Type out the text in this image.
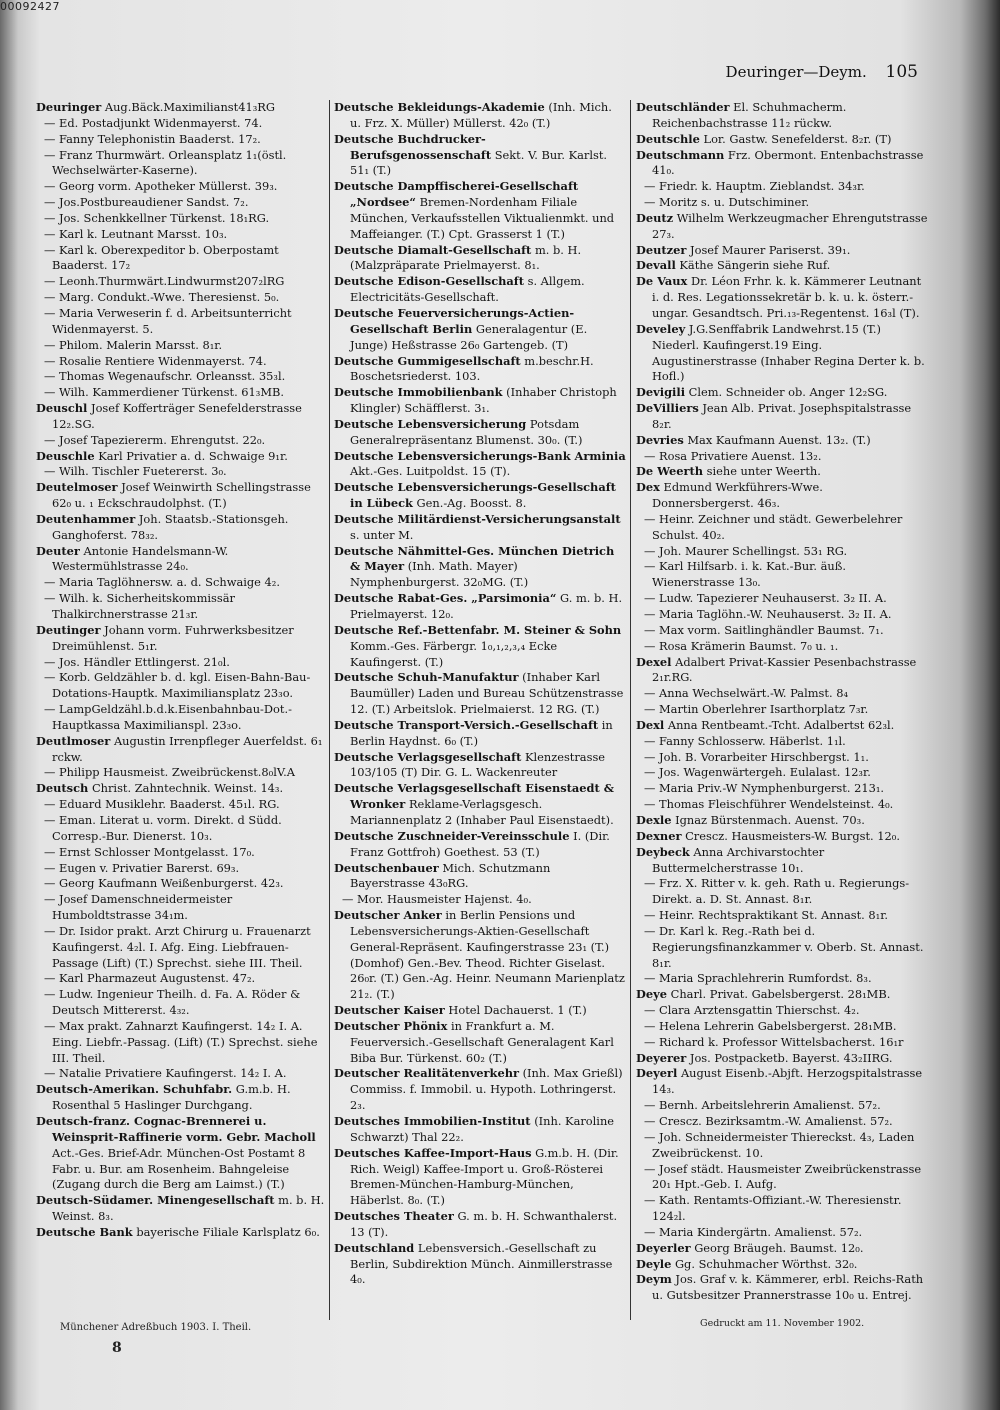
00092427
Deuringer—Deym. 105

Deuringer Aug.Bäck.Maximilianst41₃RG

— Ed. Postadjunkt Widenmayerst. 74.

— Fanny Telephonistin Baaderst. 17₂.

— Franz Thurmwärt. Orleansplatz 1₁(östl. Wechselwärter-Kaserne).

— Georg vorm. Apotheker Müllerst. 39₃.

— Jos.Postbureaudiener Sandst. 7₂.

— Jos. Schenkkellner Türkenst. 18₁RG.

— Karl k. Leutnant Marsst. 10₃.

— Karl k. Oberexpeditor b. Oberpostamt Baaderst. 17₂

— Leonh.Thurmwärt.Lindwurmst207₂lRG

— Marg. Condukt.-Wwe. Theresienst. 5₀.

— Maria Verweserin f. d. Arbeitsunterricht Widenmayerst. 5.

— Philom. Malerin Marsst. 8₁r.

— Rosalie Rentiere Widenmayerst. 74.

— Thomas Wegenaufschr. Orleansst. 35₃l.

— Wilh. Kammerdiener Türkenst. 61₃MB.

Deuschl Josef Kofferträger Senefelderstrasse 12₂.SG.

— Josef Tapeziererm. Ehrengutst. 22₀.

Deuschle Karl Privatier a. d. Schwaige 9₁r.

— Wilh. Tischler Fuetererst. 3₀.

Deutelmoser Josef Weinwirth Schellingstrasse 62₀ u. ₁ Eckschraudolphst. (T.)

Deutenhammer Joh. Staatsb.-Stationsgeh. Ganghoferst. 78₃₂.

Deuter Antonie Handelsmann-W. Westermühlstrasse 24₀.

— Maria Taglöhnersw. a. d. Schwaige 4₂.

— Wilh. k. Sicherheitskommissär Thalkirchnerstrasse 21₃r.

Deutinger Johann vorm. Fuhrwerksbesitzer Dreimühlenst. 5₁r.

— Jos. Händler Ettlingerst. 21₀l.

— Korb. Geldzähler b. d. kgl. Eisen-Bahn-Bau-Dotations-Hauptk. Maximiliansplatz 23₃o.

— LampGeldzähl.b.d.k.Eisenbahnbau-Dot.-Hauptkassa Maximilianspl. 23₃o.

Deutlmoser Augustin Irrenpfleger Auerfeldst. 6₁ rckw.

— Philipp Hausmeist. Zweibrückenst.8₀lV.A

Deutsch Christ. Zahntechnik. Weinst. 14₃.

— Eduard Musiklehr. Baaderst. 45₁l. RG.

— Eman. Literat u. vorm. Direkt. d Südd. Corresp.-Bur. Dienerst. 10₃.

— Ernst Schlosser Montgelasst. 17₀.

— Eugen v. Privatier Barerst. 69₃.

— Georg Kaufmann Weißenburgerst. 42₃.

— Josef Damenschneidermeister Humboldtstrasse 34₁m.

— Dr. Isidor prakt. Arzt Chirurg u. Frauenarzt Kaufingerst. 4₂l. I. Afg. Eing. Liebfrauen-Passage (Lift) (T.) Sprechst. siehe III. Theil.

— Karl Pharmazeut Augustenst. 47₂.

— Ludw. Ingenieur Theilh. d. Fa. A. Röder & Deutsch Mittererst. 4₃₂.

— Max prakt. Zahnarzt Kaufingerst. 14₂ I. A. Eing. Liebfr.-Passag. (Lift) (T.) Sprechst. siehe III. Theil.

— Natalie Privatiere Kaufingerst. 14₂ I. A.

Deutsch-Amerikan. Schuhfabr. G.m.b. H. Rosenthal 5 Haslinger Durchgang.

Deutsch-franz. Cognac-Brennerei u. Weinsprit-Raffinerie vorm. Gebr. Macholl Act.-Ges. Brief-Adr. München-Ost Postamt 8 Fabr. u. Bur. am Rosenheim. Bahngeleise (Zugang durch die Berg am Laimst.) (T.)

Deutsch-Südamer. Minengesellschaft m. b. H. Weinst. 8₃.

Deutsche Bank bayerische Filiale Karlsplatz 6₀.

Deutsche Bekleidungs-Akademie (Inh. Mich. u. Frz. X. Müller) Müllerst. 42₀ (T.)

Deutsche Buchdrucker-Berufsgenossenschaft Sekt. V. Bur. Karlst. 51₁ (T.)

Deutsche Dampffischerei-Gesellschaft „Nordsee“ Bremen-Nordenham Filiale München, Verkaufsstellen Viktualienmkt. und Maffeianger. (T.) Cpt. Grasserst 1 (T.)

Deutsche Diamalt-Gesellschaft m. b. H. (Malzpräparate Prielmayerst. 8₁.

Deutsche Edison-Gesellschaft s. Allgem. Electricitäts-Gesellschaft.

Deutsche Feuerversicherungs-Actien-Gesellschaft Berlin Generalagentur (E. Junge) Heßstrasse 26₀ Gartengeb. (T)

Deutsche Gummigesellschaft m.beschr.H. Boschetsriederst. 103.

Deutsche Immobilienbank (Inhaber Christoph Klingler) Schäfflerst. 3₁.

Deutsche Lebensversicherung Potsdam Generalrepräsentanz Blumenst. 30₀. (T.)

Deutsche Lebensversicherungs-Bank Arminia Akt.-Ges. Luitpoldst. 15 (T).

Deutsche Lebensversicherungs-Gesellschaft in Lübeck Gen.-Ag. Boosst. 8.

Deutsche Militärdienst-Versicherungsanstalt s. unter M.

Deutsche Nähmittel-Ges. München Dietrich & Mayer (Inh. Math. Mayer) Nymphenburgerst. 32₀MG. (T.)

Deutsche Rabat-Ges. „Parsimonia“ G. m. b. H. Prielmayerst. 12₀.

Deutsche Ref.-Bettenfabr. M. Steiner & Sohn Komm.-Ges. Färbergr. 1₀,₁,₂,₃,₄ Ecke Kaufingerst. (T.)

Deutsche Schuh-Manufaktur (Inhaber Karl Baumüller) Laden und Bureau Schützenstrasse 12. (T.) Arbeitslok. Prielmaierst. 12 RG. (T.)

Deutsche Transport-Versich.-Gesellschaft in Berlin Haydnst. 6₀ (T.)

Deutsche Verlagsgesellschaft Klenzestrasse 103/105 (T) Dir. G. L. Wackenreuter

Deutsche Verlagsgesellschaft Eisenstaedt & Wronker Reklame-Verlagsgesch. Mariannenplatz 2 (Inhaber Paul Eisenstaedt).

Deutsche Zuschneider-Vereinsschule I. (Dir. Franz Gottfroh) Goethest. 53 (T.)

Deutschenbauer Mich. Schutzmann Bayerstrasse 43₀RG.

— Mor. Hausmeister Hajenst. 4₀.

Deutscher Anker in Berlin Pensions und Lebensversicherungs-Aktien-Gesellschaft General-Repräsent. Kaufingerstrasse 23₁ (T.) (Domhof) Gen.-Bev. Theod. Richter Giselast. 26₀r. (T.) Gen.-Ag. Heinr. Neumann Marienplatz 21₂. (T.)

Deutscher Kaiser Hotel Dachauerst. 1 (T.)

Deutscher Phönix in Frankfurt a. M. Feuerversich.-Gesellschaft Generalagent Karl Biba Bur. Türkenst. 60₂ (T.)

Deutscher Realitätenverkehr (Inh. Max Grießl) Commiss. f. Immobil. u. Hypoth. Lothringerst. 2₃.

Deutsches Immobilien-Institut (Inh. Karoline Schwarzt) Thal 22₂.

Deutsches Kaffee-Import-Haus G.m.b. H. (Dir. Rich. Weigl) Kaffee-Import u. Groß-Rösterei Bremen-München-Hamburg-München, Häberlst. 8₀. (T.)

Deutsches Theater G. m. b. H. Schwanthalerst. 13 (T).

Deutschland Lebensversich.-Gesellschaft zu Berlin, Subdirektion Münch. Ainmillerstrasse 4₀.

Deutschländer El. Schuhmacherm. Reichenbachstrasse 11₂ rückw.

Deutschle Lor. Gastw. Senefelderst. 8₂r. (T)

Deutschmann Frz. Obermont. Entenbachstrasse 41₀.

— Friedr. k. Hauptm. Zieblandst. 34₃r.

— Moritz s. u. Dutschiminer.

Deutz Wilhelm Werkzeugmacher Ehrengutstrasse 27₃.

Deutzer Josef Maurer Pariserst. 39₁.

Devall Käthe Sängerin siehe Ruf.

De Vaux Dr. Léon Frhr. k. k. Kämmerer Leutnant i. d. Res. Legationssekretär b. k. u. k. österr.-ungar. Gesandtsch. Pri.₁₃-Regentenst. 16₃l (T).

Develey J.G.Senffabrik Landwehrst.15 (T.) Niederl. Kaufingerst.19 Eing. Augustinerstrasse (Inhaber Regina Derter k. b. Hofl.)

Devigili Clem. Schneider ob. Anger 12₂SG.

DeVilliers Jean Alb. Privat. Josephspitalstrasse 8₂r.

Devries Max Kaufmann Auenst. 13₂. (T.)

— Rosa Privatiere Auenst. 13₂.

De Weerth siehe unter Weerth.

Dex Edmund Werkführers-Wwe. Donnersbergerst. 46₃.

— Heinr. Zeichner und städt. Gewerbelehrer Schulst. 40₂.

— Joh. Maurer Schellingst. 53₁ RG.

— Karl Hilfsarb. i. k. Kat.-Bur. äuß. Wienerstrasse 13₀.

— Ludw. Tapezierer Neuhauserst. 3₂ II. A.

— Maria Taglöhn.-W. Neuhauserst. 3₂ II. A.

— Max vorm. Saitlinghändler Baumst. 7₁.

— Rosa Krämerin Baumst. 7₀ u. ₁.

Dexel Adalbert Privat-Kassier Pesenbachstrasse 2₁r.RG.

— Anna Wechselwärt.-W. Palmst. 8₄

— Martin Oberlehrer Isarthorplatz 7₃r.

Dexl Anna Rentbeamt.-Tcht. Adalbertst 62₃l.

— Fanny Schlosserw. Häberlst. 1₁l.

— Joh. B. Vorarbeiter Hirschbergst. 1₁.

— Jos. Wagenwärtergeh. Eulalast. 12₃r.

— Maria Priv.-W Nymphenburgerst. 213₁.

— Thomas Fleischführer Wendelsteinst. 4₀.

Dexle Ignaz Bürstenmach. Auenst. 70₃.

Dexner Crescz. Hausmeisters-W. Burgst. 12₀.

Deybeck Anna Archivarstochter Buttermelcherstrasse 10₁.

— Frz. X. Ritter v. k. geh. Rath u. Regierungs-Direkt. a. D. St. Annast. 8₁r.

— Heinr. Rechtspraktikant St. Annast. 8₁r.

— Dr. Karl k. Reg.-Rath bei d. Regierungsfinanzkammer v. Oberb. St. Annast. 8₁r.

— Maria Sprachlehrerin Rumfordst. 8₃.

Deye Charl. Privat. Gabelsbergerst. 28₁MB.

— Clara Arztensgattin Thierschst. 4₂.

— Helena Lehrerin Gabelsbergerst. 28₁MB.

— Richard k. Professor Wittelsbacherst. 16₁r

Deyerer Jos. Postpacketb. Bayerst. 43₂IIRG.

Deyerl August Eisenb.-Abjft. Herzogspitalstrasse 14₃.

— Bernh. Arbeitslehrerin Amalienst. 57₂.

— Crescz. Bezirksamtm.-W. Amalienst. 57₂.

— Joh. Schneidermeister Thiereckst. 4₃, Laden Zweibrückenst. 10.

— Josef städt. Hausmeister Zweibrückenstrasse 20₁ Hpt.-Geb. I. Aufg.

— Kath. Rentamts-Offiziant.-W. Theresienstr. 124₂l.

— Maria Kindergärtn. Amalienst. 57₂.

Deyerler Georg Bräugeh. Baumst. 12₀.

Deyle Gg. Schuhmacher Wörthst. 32₀.

Deym Jos. Graf v. k. Kämmerer, erbl. Reichs-Rath u. Gutsbesitzer Prannerstrasse 10₀ u. Entrej.

Münchener Adreßbuch 1903. I. Theil.
8
Gedruckt am 11. November 1902.
